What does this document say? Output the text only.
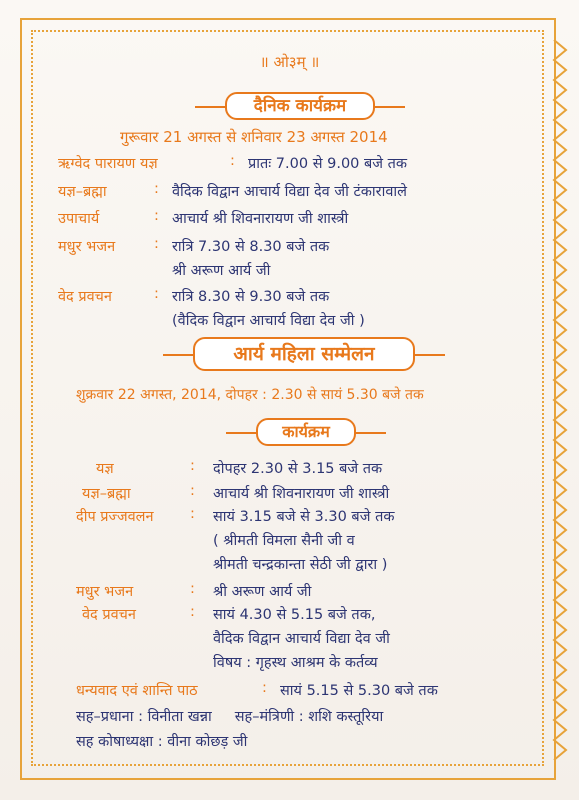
॥ ओ३म् ॥
दैनिक कार्यक्रम
गुरूवार 21 अगस्त से शनिवार 23 अगस्त 2014
ऋग्वेद पारायण यज्ञ	: प्रातः 7.00 से 9.00 बजे तक
यज्ञ–ब्रह्मा	: वैदिक विद्वान आचार्य विद्या देव जी टंकारावाले
उपाचार्य	: आचार्य श्री शिवनारायण जी शास्त्री
मधुर भजन	: रात्रि 7.30 से 8.30 बजे तक
श्री अरूण आर्य जी
वेद प्रवचन	: रात्रि 8.30 से 9.30 बजे तक
(वैदिक विद्वान आचार्य विद्या देव जी )
आर्य महिला सम्मेलन
शुक्रवार 22 अगस्त, 2014, दोपहर : 2.30 से सायं 5.30 बजे तक
कार्यक्रम
यज्ञ	: दोपहर 2.30 से 3.15 बजे तक
यज्ञ–ब्रह्मा	: आचार्य श्री शिवनारायण जी शास्त्री
दीप प्रज्जवलन	: सायं 3.15 बजे से 3.30 बजे तक
( श्रीमती विमला सैनी जी व
श्रीमती चन्द्रकान्ता सेठी जी द्वारा )
मधुर भजन	: श्री अरूण आर्य जी
वेद प्रवचन	: सायं 4.30 से 5.15 बजे तक,
वैदिक विद्वान आचार्य विद्या देव जी
विषय : गृहस्थ आश्रम के कर्तव्य
धन्यवाद एवं शान्ति पाठ	: सायं 5.15 से 5.30 बजे तक
सह–प्रधाना : विनीता खन्ना     सह–मंत्रिणी : शशि कस्तूरिया
सह कोषाध्यक्षा : वीना कोछड़ जी
